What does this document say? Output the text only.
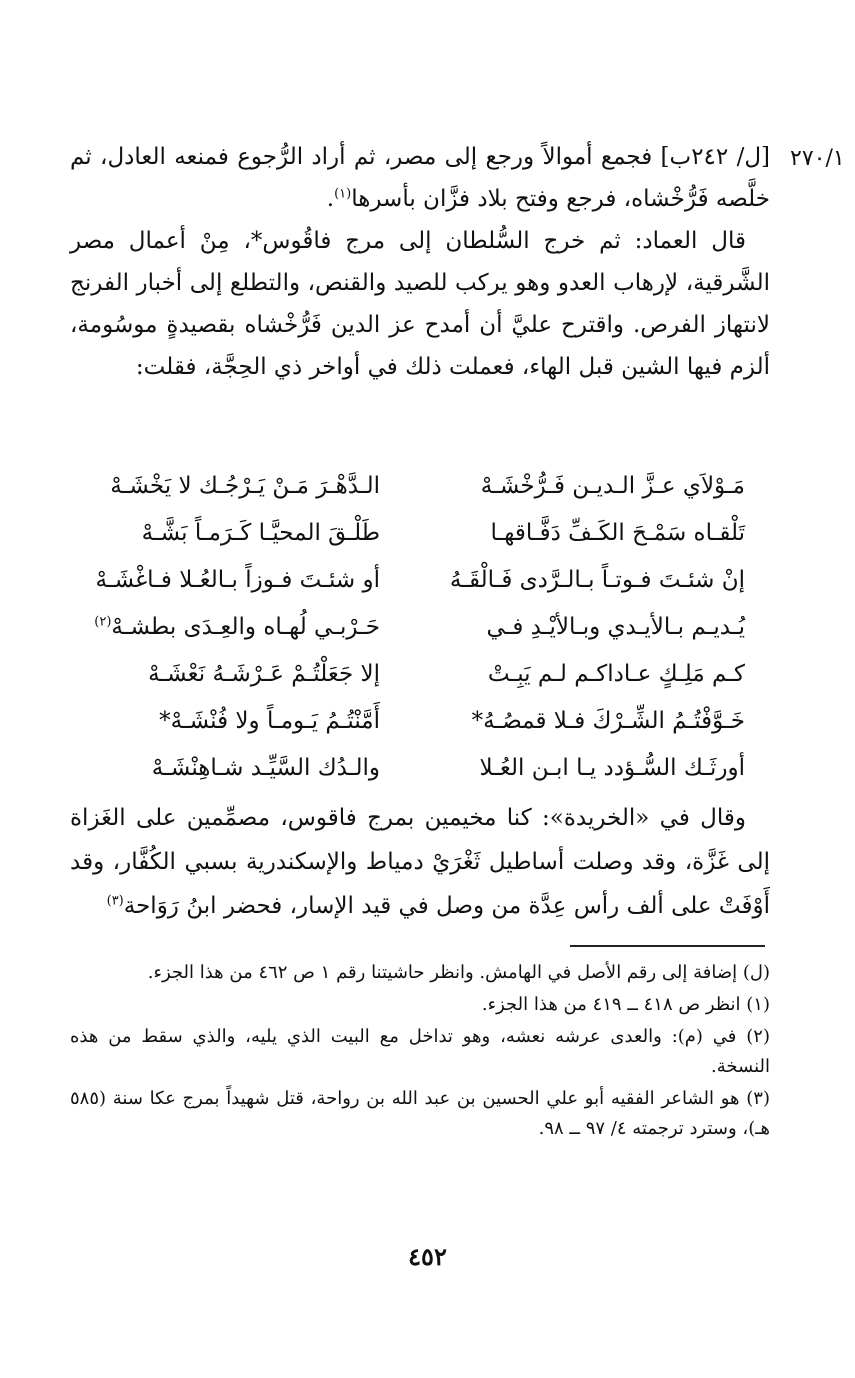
٢٧٠/١

[ل/ ٢٤٢ب] فجمع أموالاً ورجع إلى مصر، ثم أراد الرُّجوع فمنعه العادل، ثم خلَّصه فَرُّخْشاه، فرجع وفتح بلاد فزَّان بأسرها$^{(١)}$.

قال العماد: ثم خرج السُّلطان إلى مرج فاقُوس*، مِنْ أعمال مصر الشَّرقية، لإرهاب العدو وهو يركب للصيد والقنص، والتطلع إلى أخبار الفرنج لانتهاز الفرص. واقترح عليَّ أن أمدح عز الدين فَرُّخْشاه بقصيدةٍ موسُومة، ألزم فيها الشين قبل الهاء، فعملت ذلك في أواخر ذي الحِجَّة، فقلت:

مَـوْلاَي عـزَّ الـديـن فَـرُّخْشَـهْ
الـدَّهْـرَ مَـنْ يَـرْجُـك لا يَخْشَـهْ
تَلْقـاه سَمْـحَ الكَـفِّ دَفَّـاقهـا
طَلْـقَ المحيَّـا كَـرَمـاً بَشَّـهْ
إنْ شئـتَ فـوتـاً بـالـرَّدى فَـالْقَـهُ
أو شئـتَ فـوزاً بـالعُـلا فـاغْشَـهْ
يُـديـم بـالأيـدي وبـالأيْـدِ فـي
حَـرْبـي لُهـاه والعِـدَى بطشـهْ$^{(٢)}$
كـم مَلِـكٍ عـاداكـم لـم يَبِـتْ
إلا جَعَلْتُـمْ عَـرْشَـهُ نَعْشَـهْ
خَـوَّفْتُـمُ الشِّـرْكَ فـلا قمصُـهُ*
أَمَّنْتُـمُ يَـومـاً ولا فُنْشَـهْ*
أورثَـك السُّـؤدد يـا ابـن العُـلا
والـدُك السَّيِّـد شـاهِنْشَـهْ

وقال في «الخريدة»: كنا مخيمين بمرج فاقوس، مصمِّمين على الغَزاة إلى غَزَّة، وقد وصلت أساطيل ثَغْرَيْ دمياط والإسكندرية بسبي الكُفَّار، وقد أَوْفَتْ على ألف رأس عِدَّة من وصل في قيد الإسار، فحضر ابنُ رَوَاحة$^{(٣)}$

(ل) إضافة إلى رقم الأصل في الهامش. وانظر حاشيتنا رقم ١ ص ٤٦٢ من هذا الجزء.

(١) انظر ص ٤١٨ ــ ٤١٩ من هذا الجزء.

(٢) في (م): والعدى عرشه نعشه، وهو تداخل مع البيت الذي يليه، والذي سقط من هذه النسخة.

(٣) هو الشاعر الفقيه أبو علي الحسين بن عبد الله بن رواحة، قتل شهيداً بمرج عكا سنة (٥٨٥ هـ)، وسترد ترجمته ٤/ ٩٧ ــ ٩٨.

٤٥٢
